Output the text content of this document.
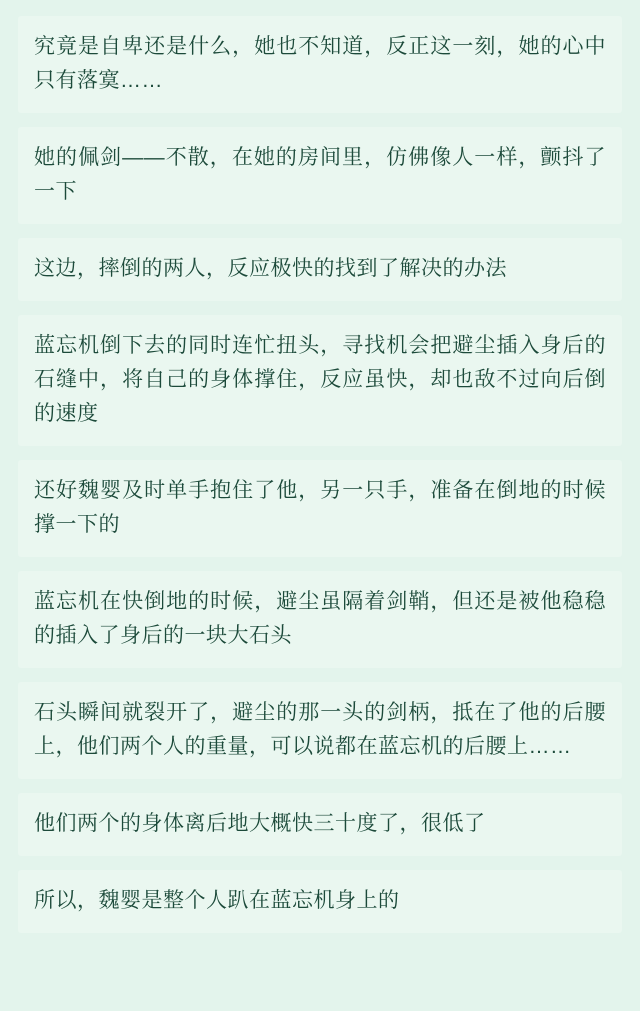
究竟是自卑还是什么，她也不知道，反正这一刻，她的心中只有落寞……
她的佩剑——不散，在她的房间里，仿佛像人一样，颤抖了一下
这边，摔倒的两人，反应极快的找到了解决的办法
蓝忘机倒下去的同时连忙扭头，寻找机会把避尘插入身后的石缝中，将自己的身体撑住，反应虽快，却也敌不过向后倒的速度
还好魏婴及时单手抱住了他，另一只手，准备在倒地的时候撑一下的
蓝忘机在快倒地的时候，避尘虽隔着剑鞘，但还是被他稳稳的插入了身后的一块大石头
石头瞬间就裂开了，避尘的那一头的剑柄，抵在了他的后腰上，他们两个人的重量，可以说都在蓝忘机的后腰上……
他们两个的身体离后地大概快三十度了，很低了
所以，魏婴是整个人趴在蓝忘机身上的
